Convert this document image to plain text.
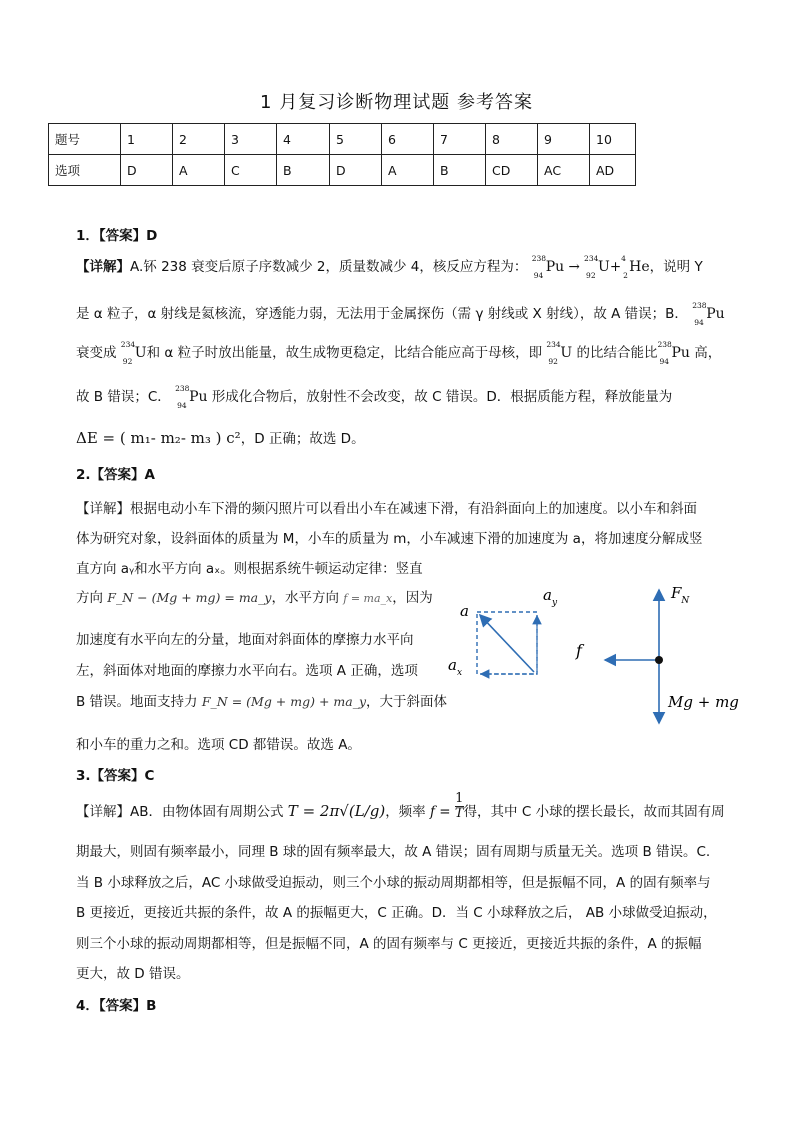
1 月复习诊断物理试题 参考答案
题号	1	2	3	4	5	6	7	8	9	10
选项	D	A	C	B	D	A	B	CD	AC	AD
1．【答案】D
【详解】A.钚 238 衰变后原子序数减少 2，质量数减少 4，核反应方程为：
238
94
Pu →
234
92
U+
4
2
He，说明 Y
是 α 粒子，α 射线是氦核流，穿透能力弱，无法用于金属探伤（需 γ 射线或 X 射线），故 A 错误；B．
238
94
Pu
衰变成
234
92
U和 α 粒子时放出能量，故生成物更稳定，比结合能应高于母核，即
234
92
U 的比结合能比
238
94
Pu 高，
故 B 错误；C．
238
94
Pu 形成化合物后，放射性不会改变，故 C 错误。D．根据质能方程，释放能量为
ΔE = ( m₁- m₂- m₃ ) c²，D 正确；故选 D。
2.【答案】A
【详解】根据电动小车下滑的频闪照片可以看出小车在减速下滑，有沿斜面向上的加速度。以小车和斜面
体为研究对象，设斜面体的质量为 M，小车的质量为 m，小车减速下滑的加速度为 a，将加速度分解成竖
直方向 aᵧ和水平方向 aₓ。则根据系统牛顿运动定律：竖直
方向 F_N − (Mg + mg) = ma_y，水平方向 f = ma_x，因为
加速度有水平向左的分量，地面对斜面体的摩擦力水平向
左，斜面体对地面的摩擦力水平向右。选项 A 正确，选项
B 错误。地面支持力 F_N = (Mg + mg) + ma_y，大于斜面体
和小车的重力之和。选项 CD 都错误。故选 A。
a
$a_y$
$a_x$
$F_N$
f
Mg + mg
3.【答案】C
【详解】AB．由物体固有周期公式 T = 2π√(L/g)，频率 $f = \frac{1}{T}$ 得，其中 C 小球的摆长最长，故而其固有周
期最大，则固有频率最小，同理 B 球的固有频率最大，故 A 错误；固有周期与质量无关。选项 B 错误。C.
当 B 小球释放之后，AC 小球做受迫振动，则三个小球的振动周期都相等，但是振幅不同，A 的固有频率与
B 更接近，更接近共振的条件，故 A 的振幅更大，C 正确。D．当 C 小球释放之后， AB 小球做受迫振动，
则三个小球的振动周期都相等，但是振幅不同，A 的固有频率与 C 更接近，更接近共振的条件，A 的振幅
更大，故 D 错误。
4．【答案】B
